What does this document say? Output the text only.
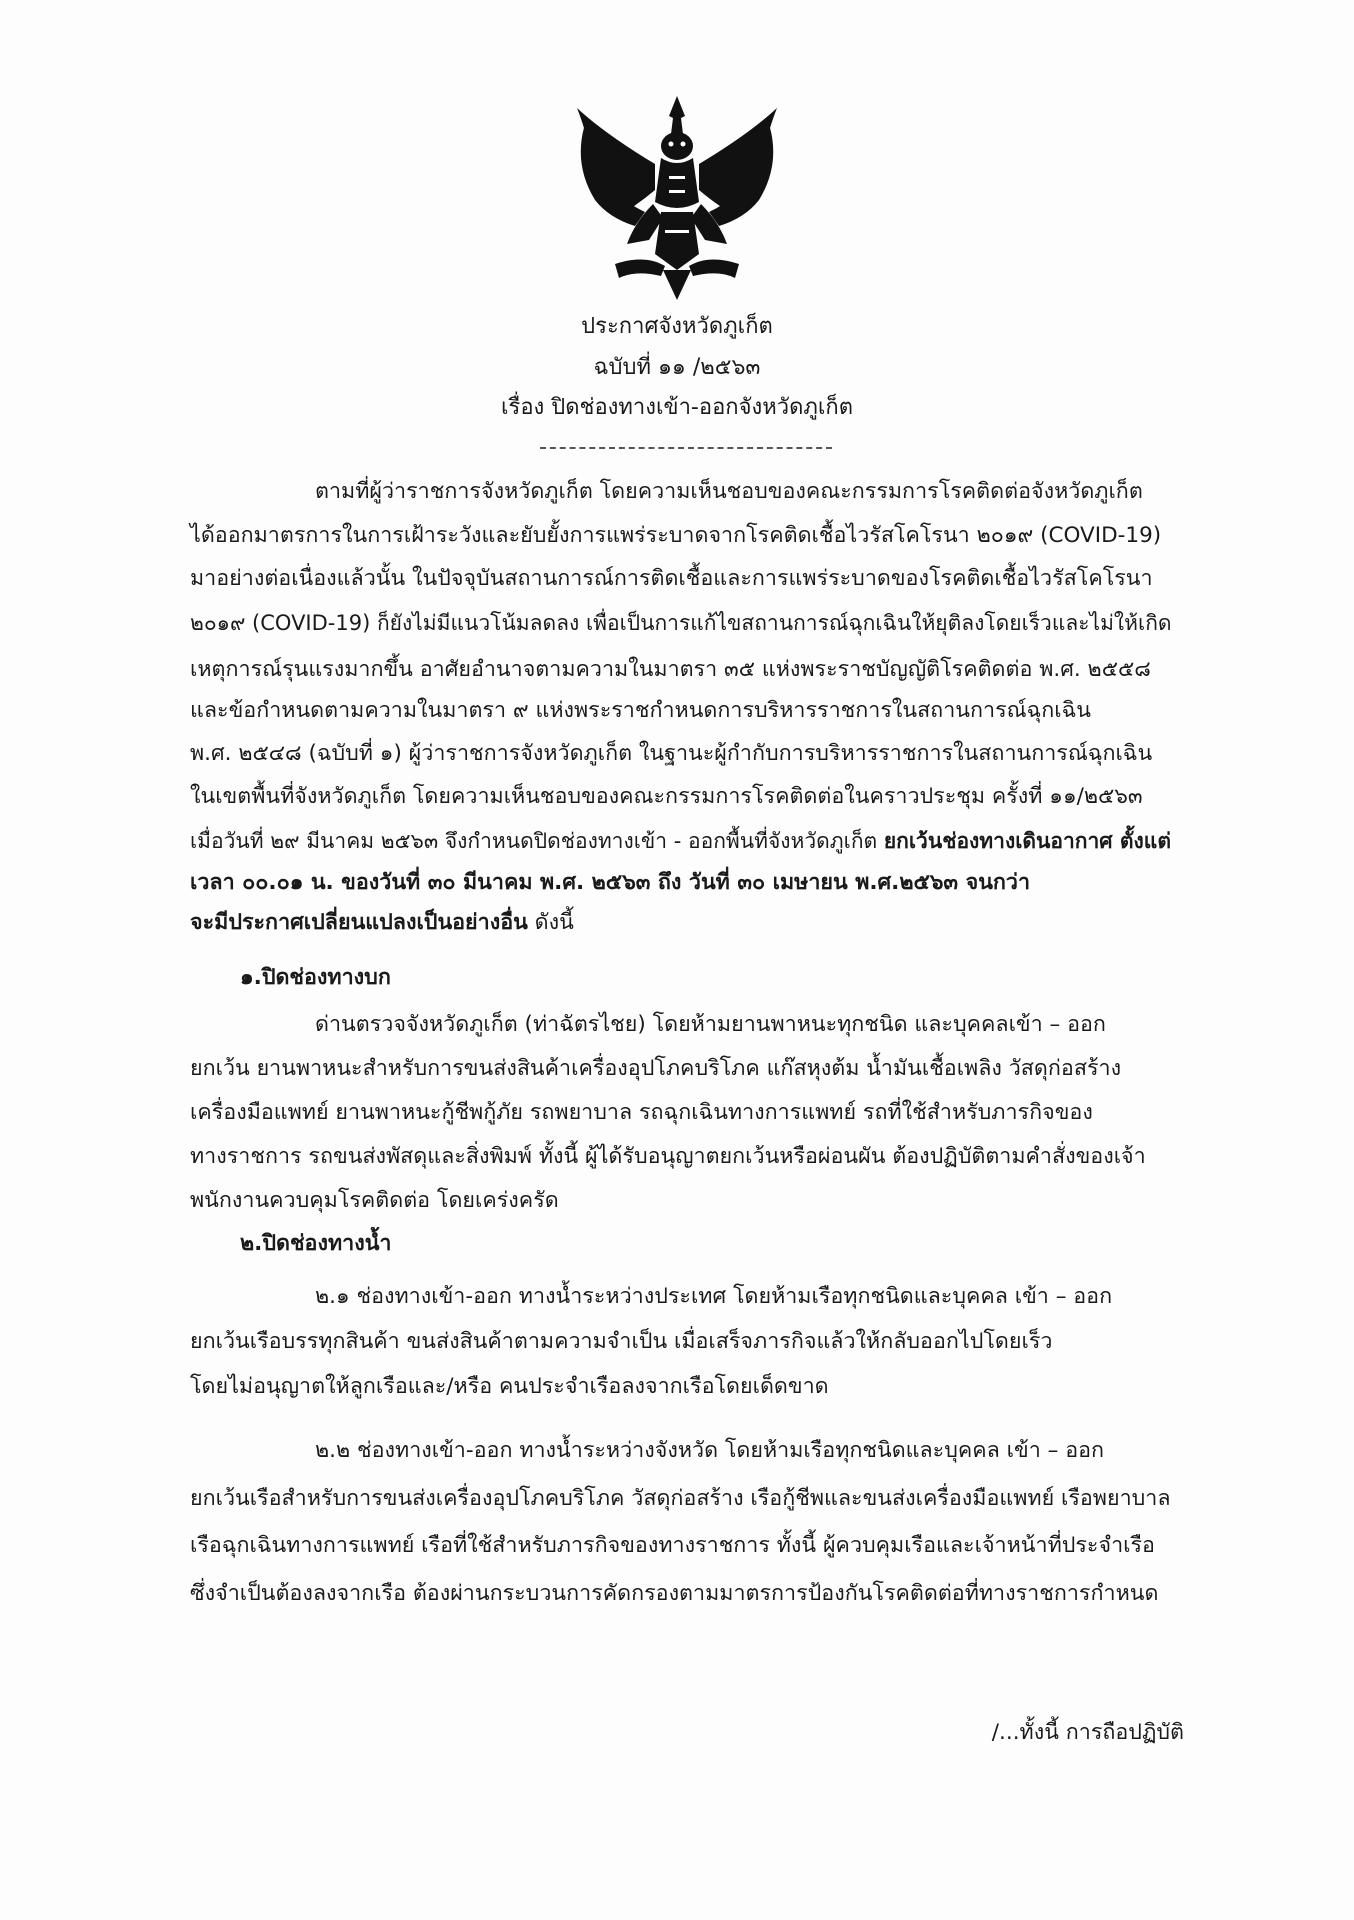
ประกาศจังหวัดภูเก็ต
ฉบับที่ ๑๑ /๒๕๖๓
เรื่อง ปิดช่องทางเข้า-ออกจังหวัดภูเก็ต
ตามที่ผู้ว่าราชการจังหวัดภูเก็ต โดยความเห็นชอบของคณะกรรมการโรคติดต่อจังหวัดภูเก็ต
ได้ออกมาตรการในการเฝ้าระวังและยับยั้งการแพร่ระบาดจากโรคติดเชื้อไวรัสโคโรนา ๒๐๑๙ (COVID-19)
มาอย่างต่อเนื่องแล้วนั้น ในปัจจุบันสถานการณ์การติดเชื้อและการแพร่ระบาดของโรคติดเชื้อไวรัสโคโรนา
๒๐๑๙ (COVID-19) ก็ยังไม่มีแนวโน้มลดลง เพื่อเป็นการแก้ไขสถานการณ์ฉุกเฉินให้ยุติลงโดยเร็วและไม่ให้เกิด
เหตุการณ์รุนแรงมากขึ้น อาศัยอำนาจตามความในมาตรา ๓๕ แห่งพระราชบัญญัติโรคติดต่อ พ.ศ. ๒๕๕๘
และข้อกำหนดตามความในมาตรา ๙ แห่งพระราชกำหนดการบริหารราชการในสถานการณ์ฉุกเฉิน
พ.ศ. ๒๕๔๘ (ฉบับที่ ๑) ผู้ว่าราชการจังหวัดภูเก็ต ในฐานะผู้กำกับการบริหารราชการในสถานการณ์ฉุกเฉิน
ในเขตพื้นที่จังหวัดภูเก็ต โดยความเห็นชอบของคณะกรรมการโรคติดต่อในคราวประชุม ครั้งที่ ๑๑/๒๕๖๓
เมื่อวันที่ ๒๙ มีนาคม ๒๕๖๓ จึงกำหนดปิดช่องทางเข้า - ออกพื้นที่จังหวัดภูเก็ต ยกเว้นช่องทางเดินอากาศ ตั้งแต่
เวลา ๐๐.๐๑ น. ของวันที่ ๓๐ มีนาคม พ.ศ. ๒๕๖๓ ถึง วันที่ ๓๐ เมษายน พ.ศ.๒๕๖๓ จนกว่า
จะมีประกาศเปลี่ยนแปลงเป็นอย่างอื่น ดังนี้
๑.ปิดช่องทางบก
ด่านตรวจจังหวัดภูเก็ต (ท่าฉัตรไชย) โดยห้ามยานพาหนะทุกชนิด และบุคคลเข้า – ออก
ยกเว้น ยานพาหนะสำหรับการขนส่งสินค้าเครื่องอุปโภคบริโภค แก๊สหุงต้ม น้ำมันเชื้อเพลิง วัสดุก่อสร้าง
เครื่องมือแพทย์ ยานพาหนะกู้ชีพกู้ภัย รถพยาบาล รถฉุกเฉินทางการแพทย์ รถที่ใช้สำหรับภารกิจของ
ทางราชการ รถขนส่งพัสดุและสิ่งพิมพ์ ทั้งนี้ ผู้ได้รับอนุญาตยกเว้นหรือผ่อนผัน ต้องปฏิบัติตามคำสั่งของเจ้า
พนักงานควบคุมโรคติดต่อ โดยเคร่งครัด
๒.ปิดช่องทางน้ำ
๒.๑ ช่องทางเข้า-ออก ทางน้ำระหว่างประเทศ โดยห้ามเรือทุกชนิดและบุคคล เข้า – ออก
ยกเว้นเรือบรรทุกสินค้า ขนส่งสินค้าตามความจำเป็น เมื่อเสร็จภารกิจแล้วให้กลับออกไปโดยเร็ว
โดยไม่อนุญาตให้ลูกเรือและ/หรือ คนประจำเรือลงจากเรือโดยเด็ดขาด
๒.๒ ช่องทางเข้า-ออก ทางน้ำระหว่างจังหวัด โดยห้ามเรือทุกชนิดและบุคคล เข้า – ออก
ยกเว้นเรือสำหรับการขนส่งเครื่องอุปโภคบริโภค วัสดุก่อสร้าง เรือกู้ชีพและขนส่งเครื่องมือแพทย์ เรือพยาบาล
เรือฉุกเฉินทางการแพทย์ เรือที่ใช้สำหรับภารกิจของทางราชการ ทั้งนี้ ผู้ควบคุมเรือและเจ้าหน้าที่ประจำเรือ
ซึ่งจำเป็นต้องลงจากเรือ ต้องผ่านกระบวนการคัดกรองตามมาตรการป้องกันโรคติดต่อที่ทางราชการกำหนด
/...ทั้งนี้ การถือปฏิบัติ
